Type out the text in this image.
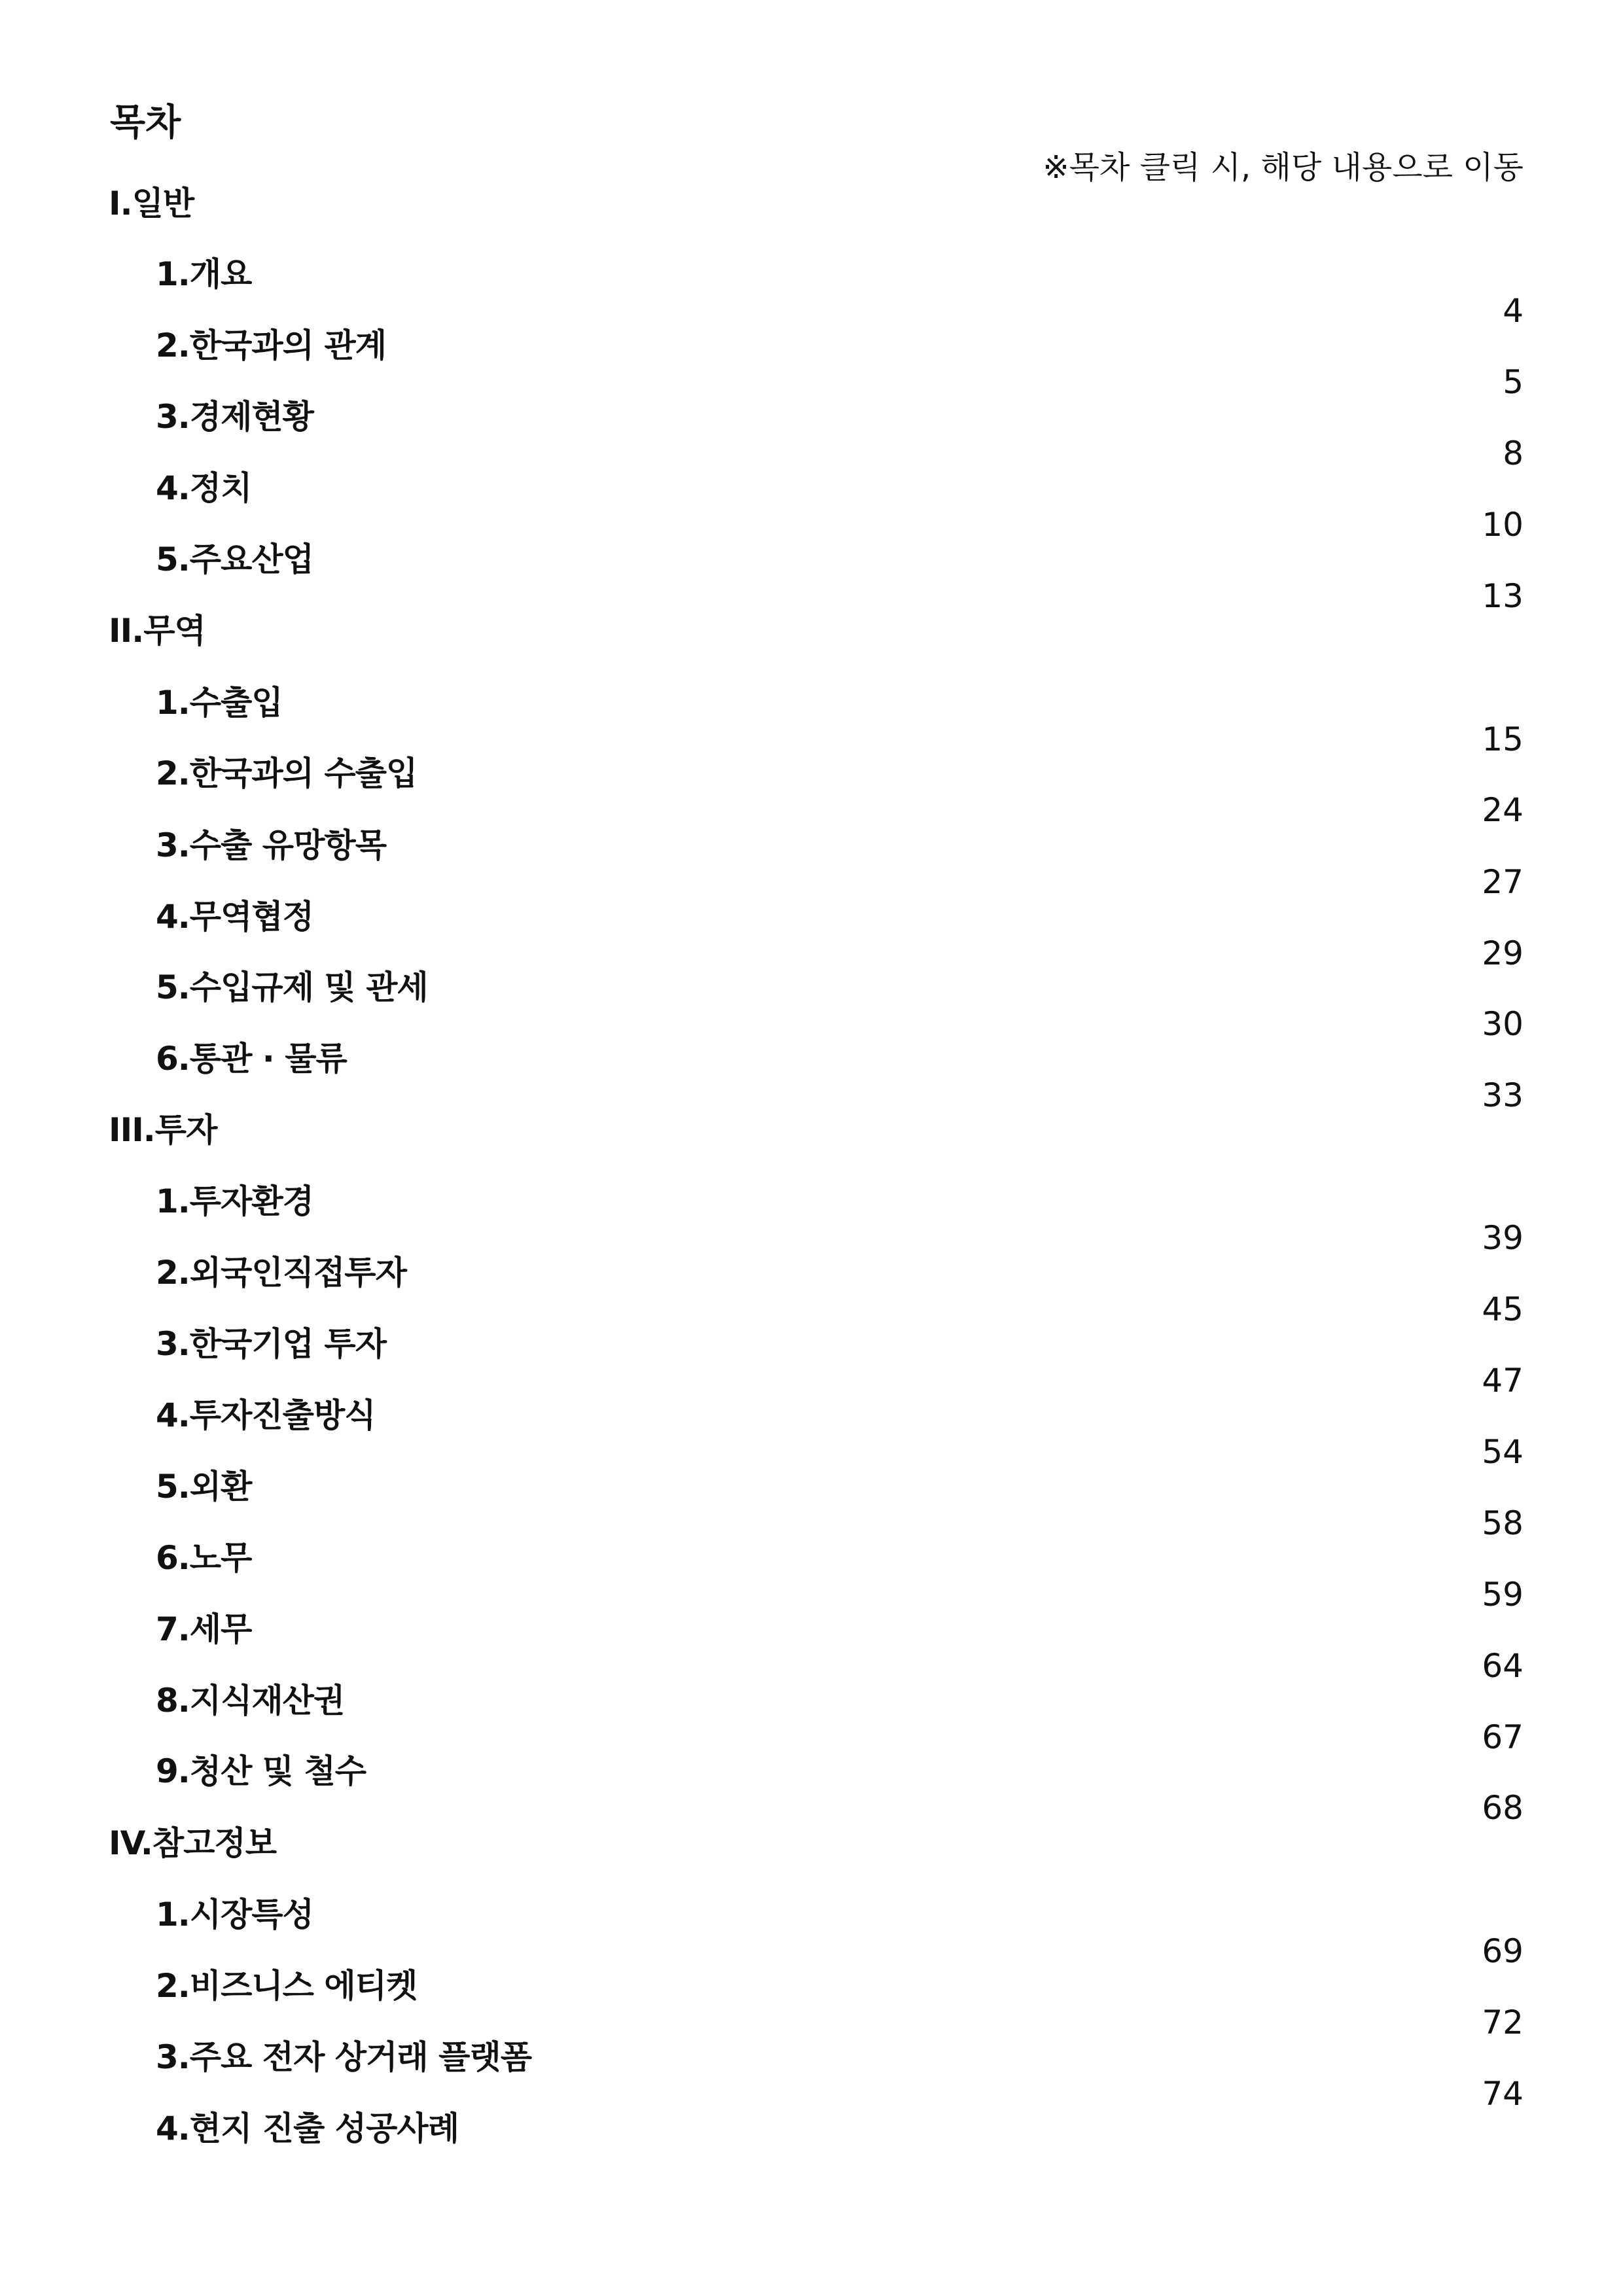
목차
※목차 클릭 시, 해당 내용으로 이동
I.일반
1.개요
4
2.한국과의 관계
5
3.경제현황
8
4.정치
10
5.주요산업
13
II.무역
1.수출입
15
2.한국과의 수출입
24
3.수출 유망항목
27
4.무역협정
29
5.수입규제 및 관세
30
6.통관 · 물류
33
III.투자
1.투자환경
39
2.외국인직접투자
45
3.한국기업 투자
47
4.투자진출방식
54
5.외환
58
6.노무
59
7.세무
64
8.지식재산권
67
9.청산 및 철수
68
IV.참고정보
1.시장특성
69
2.비즈니스 에티켓
72
3.주요 전자 상거래 플랫폼
74
4.현지 진출 성공사례
